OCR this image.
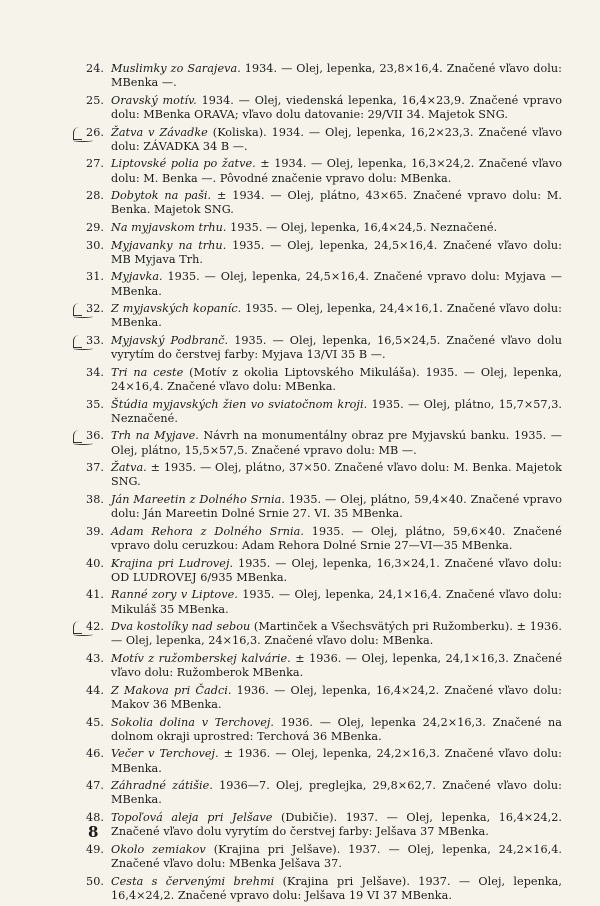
24. Muslimky zo Sarajeva. 1934. — Olej, lepenka, 23,8×16,4. Značené vľavo dolu: MBenka —.
25. Oravský motív. 1934. — Olej, viedenská lepenka, 16,4×23,9. Značené vpravo dolu: MBenka ORAVA; vľavo dolu datovanie: 29/VII 34. Majetok SNG.
26. Žatva v Závadke (Koliska). 1934. — Olej, lepenka, 16,2×23,3. Značené vľavo dolu: ZÁVADKA 34 B —.
27. Liptovské polia po žatve. ± 1934. — Olej, lepenka, 16,3×24,2. Značené vľavo dolu: M. Benka —. Pôvodné značenie vpravo dolu: MBenka.
28. Dobytok na paši. ± 1934. — Olej, plátno, 43×65. Značené vpravo dolu: M. Benka. Majetok SNG.
29. Na myjavskom trhu. 1935. — Olej, lepenka, 16,4×24,5. Neznačené.
30. Myjavanky na trhu. 1935. — Olej, lepenka, 24,5×16,4. Značené vľavo dolu: MB Myjava Trh.
31. Myjavka. 1935. — Olej, lepenka, 24,5×16,4. Značené vpravo dolu: Myjava — MBenka.
32. Z myjavských kopaníc. 1935. — Olej, lepenka, 24,4×16,1. Značené vľavo dolu: MBenka.
33. Myjavský Podbranč. 1935. — Olej, lepenka, 16,5×24,5. Značené vľavo dolu vyrytím do čerstvej farby: Myjava 13/VI 35 B —.
34. Tri na ceste (Motív z okolia Liptovského Mikuláša). 1935. — Olej, lepenka, 24×16,4. Značené vľavo dolu: MBenka.
35. Štúdia myjavských žien vo sviatočnom kroji. 1935. — Olej, plátno, 15,7×57,3. Neznačené.
36. Trh na Myjave. Návrh na monumentálny obraz pre Myjavskú banku. 1935. — Olej, plátno, 15,5×57,5. Značené vpravo dolu: MB —.
37. Žatva. ± 1935. — Olej, plátno, 37×50. Značené vľavo dolu: M. Benka. Majetok SNG.
38. Ján Mareetin z Dolného Srnia. 1935. — Olej, plátno, 59,4×40. Značené vpravo dolu: Ján Mareetin Dolné Srnie 27. VI. 35 MBenka.
39. Adam Rehora z Dolného Srnia. 1935. — Olej, plátno, 59,6×40. Značené vpravo dolu ceruzkou: Adam Rehora Dolné Srnie 27—VI—35 MBenka.
40. Krajina pri Ludrovej. 1935. — Olej, lepenka, 16,3×24,1. Značené vľavo dolu: OD LUDROVEJ 6/935 MBenka.
41. Ranné zory v Liptove. 1935. — Olej, lepenka, 24,1×16,4. Značené vľavo dolu: Mikuláš 35 MBenka.
42. Dva kostolíky nad sebou (Martinček a Všechsvätých pri Ružomberku). ± 1936. — Olej, lepenka, 24×16,3. Značené vľavo dolu: MBenka.
43. Motív z ružomberskej kalvárie. ± 1936. — Olej, lepenka, 24,1×16,3. Značené vľavo dolu: Ružomberok MBenka.
44. Z Makova pri Čadci. 1936. — Olej, lepenka, 16,4×24,2. Značené vľavo dolu: Makov 36 MBenka.
45. Sokolia dolina v Terchovej. 1936. — Olej, lepenka 24,2×16,3. Značené na dolnom okraji uprostred: Terchová 36 MBenka.
46. Večer v Terchovej. ± 1936. — Olej, lepenka, 24,2×16,3. Značené vľavo dolu: MBenka.
47. Záhradné zátišie. 1936—7. Olej, preglejka, 29,8×62,7. Značené vľavo dolu: MBenka.
48. Topoľová aleja pri Jelšave (Dubičie). 1937. — Olej, lepenka, 16,4×24,2. Značené vľavo dolu vyrytím do čerstvej farby: Jelšava 37 MBenka.
49. Okolo zemiakov (Krajina pri Jelšave). 1937. — Olej, lepenka, 24,2×16,4. Značené vľavo dolu: MBenka Jelšava 37.
50. Cesta s červenými brehmi (Krajina pri Jelšave). 1937. — Olej, lepenka, 16,4×24,2. Značené vpravo dolu: Jelšava 19 VI 37 MBenka.
8
